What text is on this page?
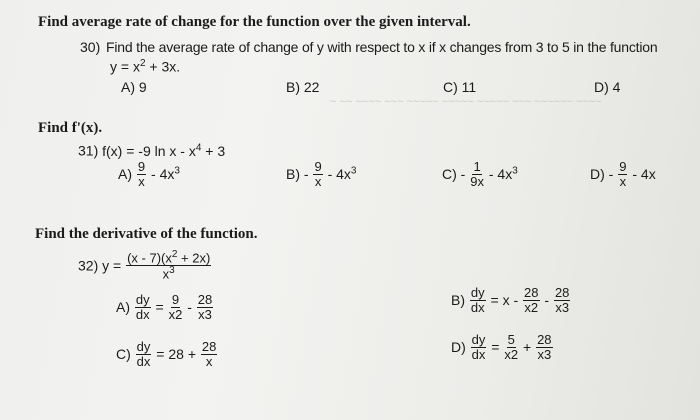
~ ~~ ~~~~ ~~~ ~~~~~ ~~~~~ ~~~~~ ~~~ ~~~~~~ ~~~~
Find average rate of change for the function over the given interval.
30) Find the average rate of change of y with respect to x if x changes from 3 to 5 in the function
$y = x^2 + 3x$.
A) 9	B) 22	C) 11	D) 4
Find f'(x).
31) f(x) = -9 $\ln x - x^4 + 3$
$A) \frac{9}{x} - 4x^3$	$B) - \frac{9}{x} - 4x^3$	$C) - \frac{1}{9x} - 4x^3$	$D) - \frac{9}{x} - 4x$
Find the derivative of the function.
32) $y = \frac{(x - 7)(x^2 + 2x)}{x^3}$
$A) \frac{dy}{dx} = \frac{9}{x2} - \frac{28}{x3}$	$B) \frac{dy}{dx} = x - \frac{28}{x2} - \frac{28}{x3}$
$C) \frac{dy}{dx} = 28 + \frac{28}{x}$	$D) \frac{dy}{dx} = \frac{5}{x2} + \frac{28}{x3}$
